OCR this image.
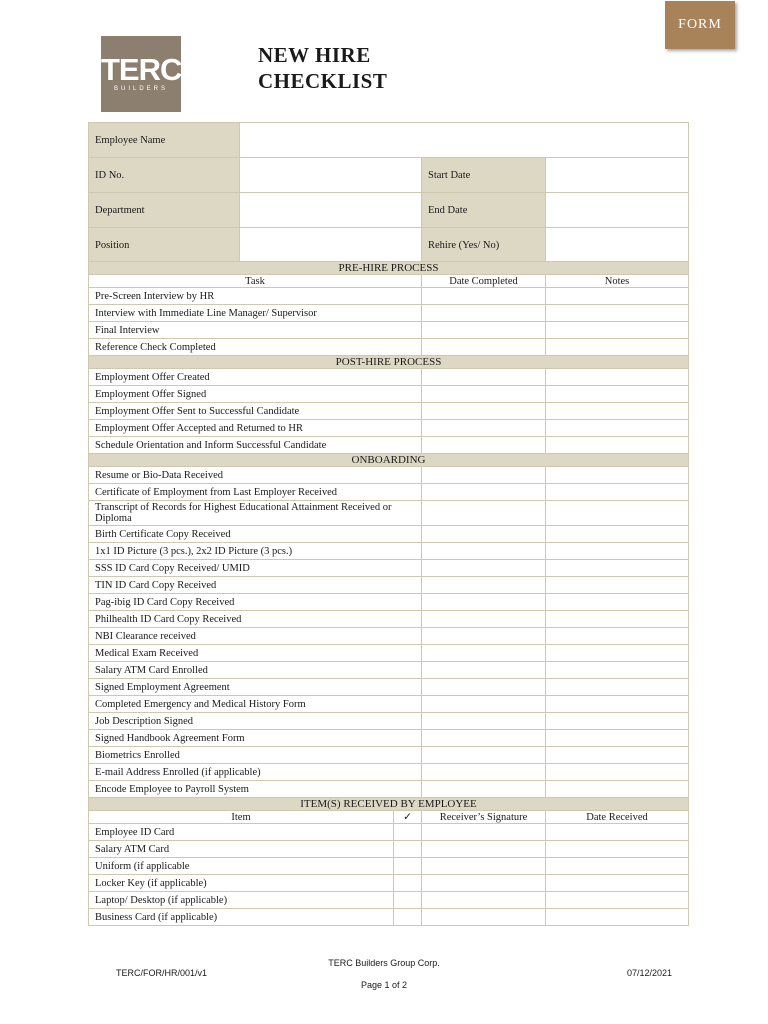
FORM
TERC
BUILDERS
NEW HIRE
CHECKLIST
Employee Name			
ID No.		Start Date	
Department		End Date	
Position		Rehire (Yes/ No)	
PRE-HIRE PROCESS			
Task		Date Completed	Notes
Pre-Screen Interview by HR			
Interview with Immediate Line Manager/ Supervisor			
Final Interview			
Reference Check Completed			
POST-HIRE PROCESS			
Employment Offer Created			
Employment Offer Signed			
Employment Offer Sent to Successful Candidate			
Employment Offer Accepted and Returned to HR			
Schedule Orientation and Inform Successful Candidate			
ONBOARDING			
Resume or Bio-Data Received			
Certificate of Employment from Last Employer Received			
Transcript of Records for Highest Educational Attainment Received or Diploma			
Birth Certificate Copy Received			
1x1 ID Picture (3 pcs.), 2x2 ID Picture (3 pcs.)			
SSS ID Card Copy Received/ UMID			
TIN ID Card Copy Received			
Pag-ibig ID Card Copy Received			
Philhealth ID Card Copy Received			
NBI Clearance received			
Medical Exam Received			
Salary ATM Card Enrolled			
Signed Employment Agreement			
Completed Emergency and Medical History Form			
Job Description Signed			
Signed Handbook Agreement Form			
Biometrics Enrolled			
E-mail Address Enrolled (if applicable)			
Encode Employee to Payroll System			
ITEM(S) RECEIVED BY EMPLOYEE			
Item	✓	Receiver’s Signature	Date Received
Employee ID Card			
Salary ATM Card			
Uniform (if applicable			
Locker Key (if applicable)			
Laptop/ Desktop (if applicable)			
Business Card (if applicable)			
TERC Builders Group Corp.
TERC/FOR/HR/001/v1	07/12/2021
Page 1 of 2
